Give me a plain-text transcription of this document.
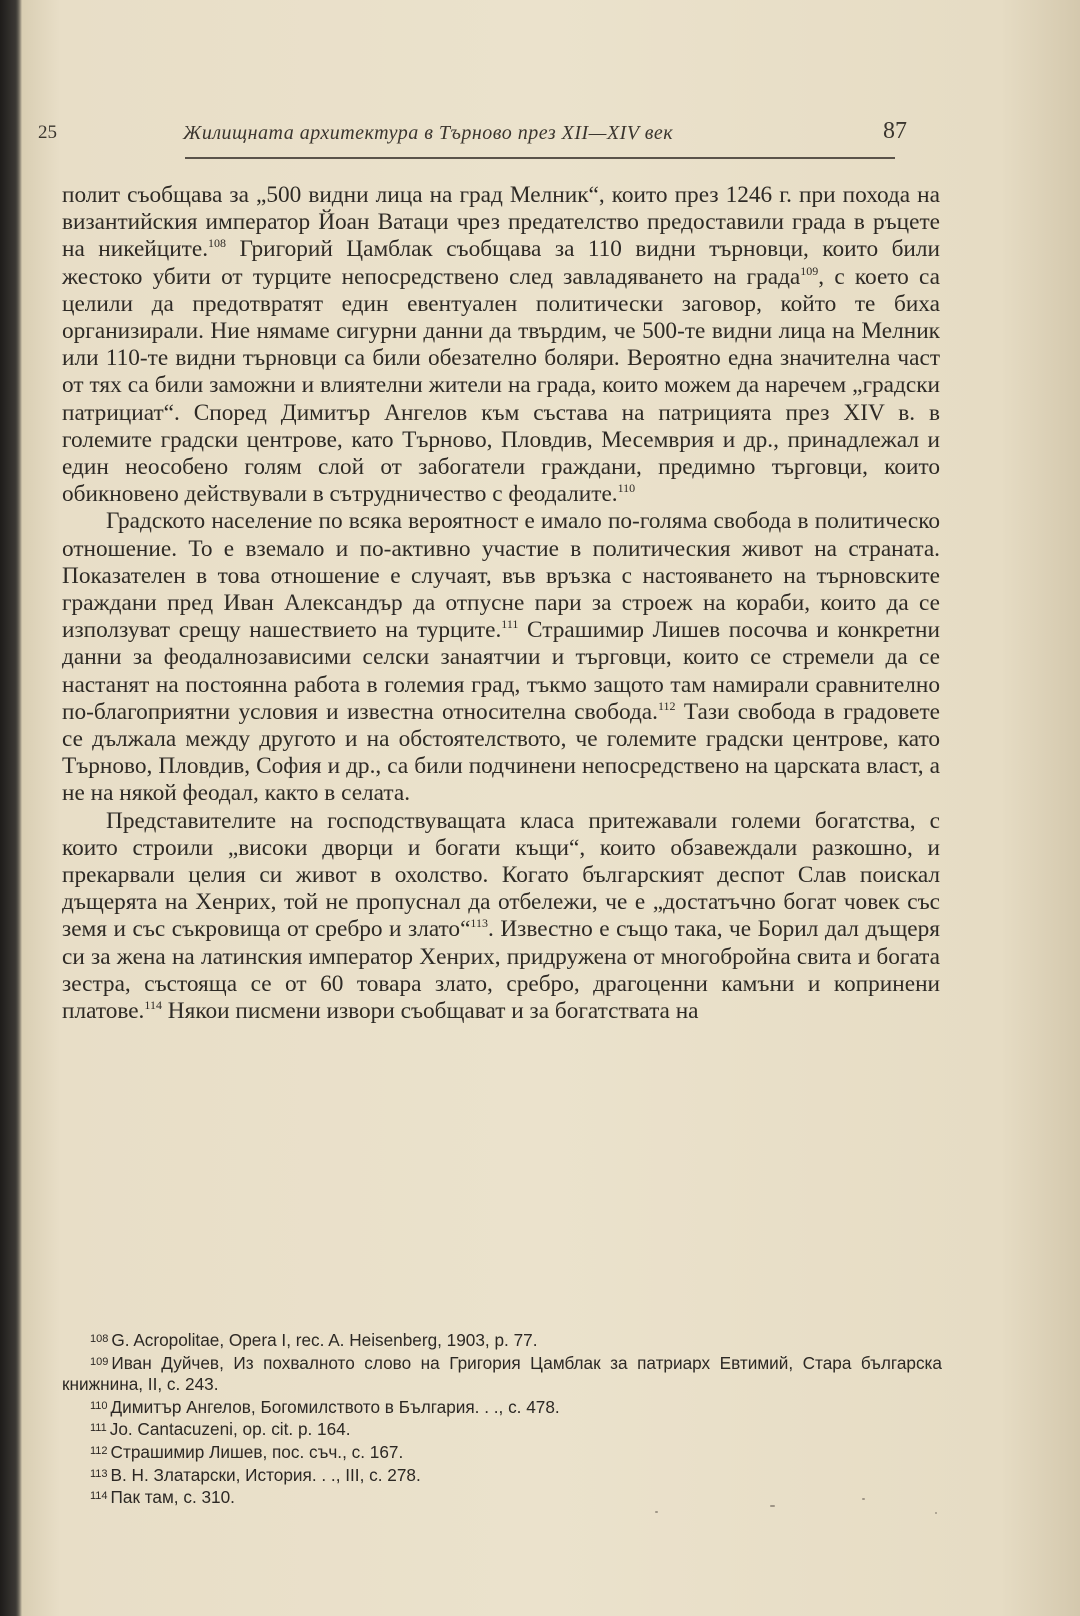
25	Жилищната архитектура в Търново през XII—XIV век	87

полит съобщава за „500 видни лица на град Мелник“, които през 1246 г. при похода на византийския император Йоан Ватаци чрез предателство предоставили града в ръцете на никейците.$^{108}$ Григорий Цамблак съобщава за 110 видни търновци, които били жестоко убити от турците непосредствено след завладяването на града$^{109}$, с което са целили да предотвратят един евентуален политически заговор, който те биха организирали. Ние нямаме сигурни данни да твърдим, че 500-те видни лица на Мелник или 110-те видни търновци са били обезателно боляри. Вероятно една значителна част от тях са били заможни и влиятелни жители на града, които можем да наречем „градски патрициат“. Според Димитър Ангелов към състава на патрицията през XIV в. в големите градски центрове, като Търново, Пловдив, Месемврия и др., принадлежал и един неособено голям слой от забогатели граждани, предимно търговци, които обикновено действували в сътрудничество с феодалите.$^{110}$

Градското население по всяка вероятност е имало по-голяма свобода в политическо отношение. То е вземало и по-активно участие в политическия живот на страната. Показателен в това отношение е случаят, във връзка с настояването на търновските граждани пред Иван Александър да отпусне пари за строеж на кораби, които да се използуват срещу нашествието на турците.$^{111}$ Страшимир Лишев посочва и конкретни данни за феодалнозависими селски занаятчии и търговци, които се стремели да се настанят на постоянна работа в големия град, тъкмо защото там намирали сравнително по-благоприятни условия и известна относителна свобода.$^{112}$ Тази свобода в градовете се дължала между другото и на обстоятелството, че големите градски центрове, като Търново, Пловдив, София и др., са били подчинени непосредствено на царската власт, а не на някой феодал, както в селата.

Представителите на господствуващата класа притежавали големи богатства, с които строили „високи дворци и богати къщи“, които обзавеждали разкошно, и прекарвали целия си живот в охолство. Когато българският деспот Слав поискал дъщерята на Хенрих, той не пропуснал да отбележи, че е „достатъчно богат човек със земя и със съкровища от сребро и злато“$^{113}$. Известно е също така, че Борил дал дъщеря си за жена на латинския император Хенрих, придружена от многобройна свита и богата зестра, състояща се от 60 товара злато, сребро, драгоценни камъни и копринени платове.$^{114}$ Някои писмени извори съобщават и за богатствата на

$^{108}$ G. Acropolitae, Opera I, rec. A. Heisenberg, 1903, p. 77.

$^{109}$ Иван Дуйчев, Из похвалното слово на Григория Цамблак за патриарх Евтимий, Стара българска книжнина, II, с. 243.

$^{110}$ Димитър Ангелов, Богомилството в България. . ., с. 478.

$^{111}$ Jo. Cantacuzeni, op. cit. p. 164.

$^{112}$ Страшимир Лишев, пос. съч., с. 167.

$^{113}$ В. Н. Златарски, История. . ., III, с. 278.

$^{114}$ Пак там, с. 310.
